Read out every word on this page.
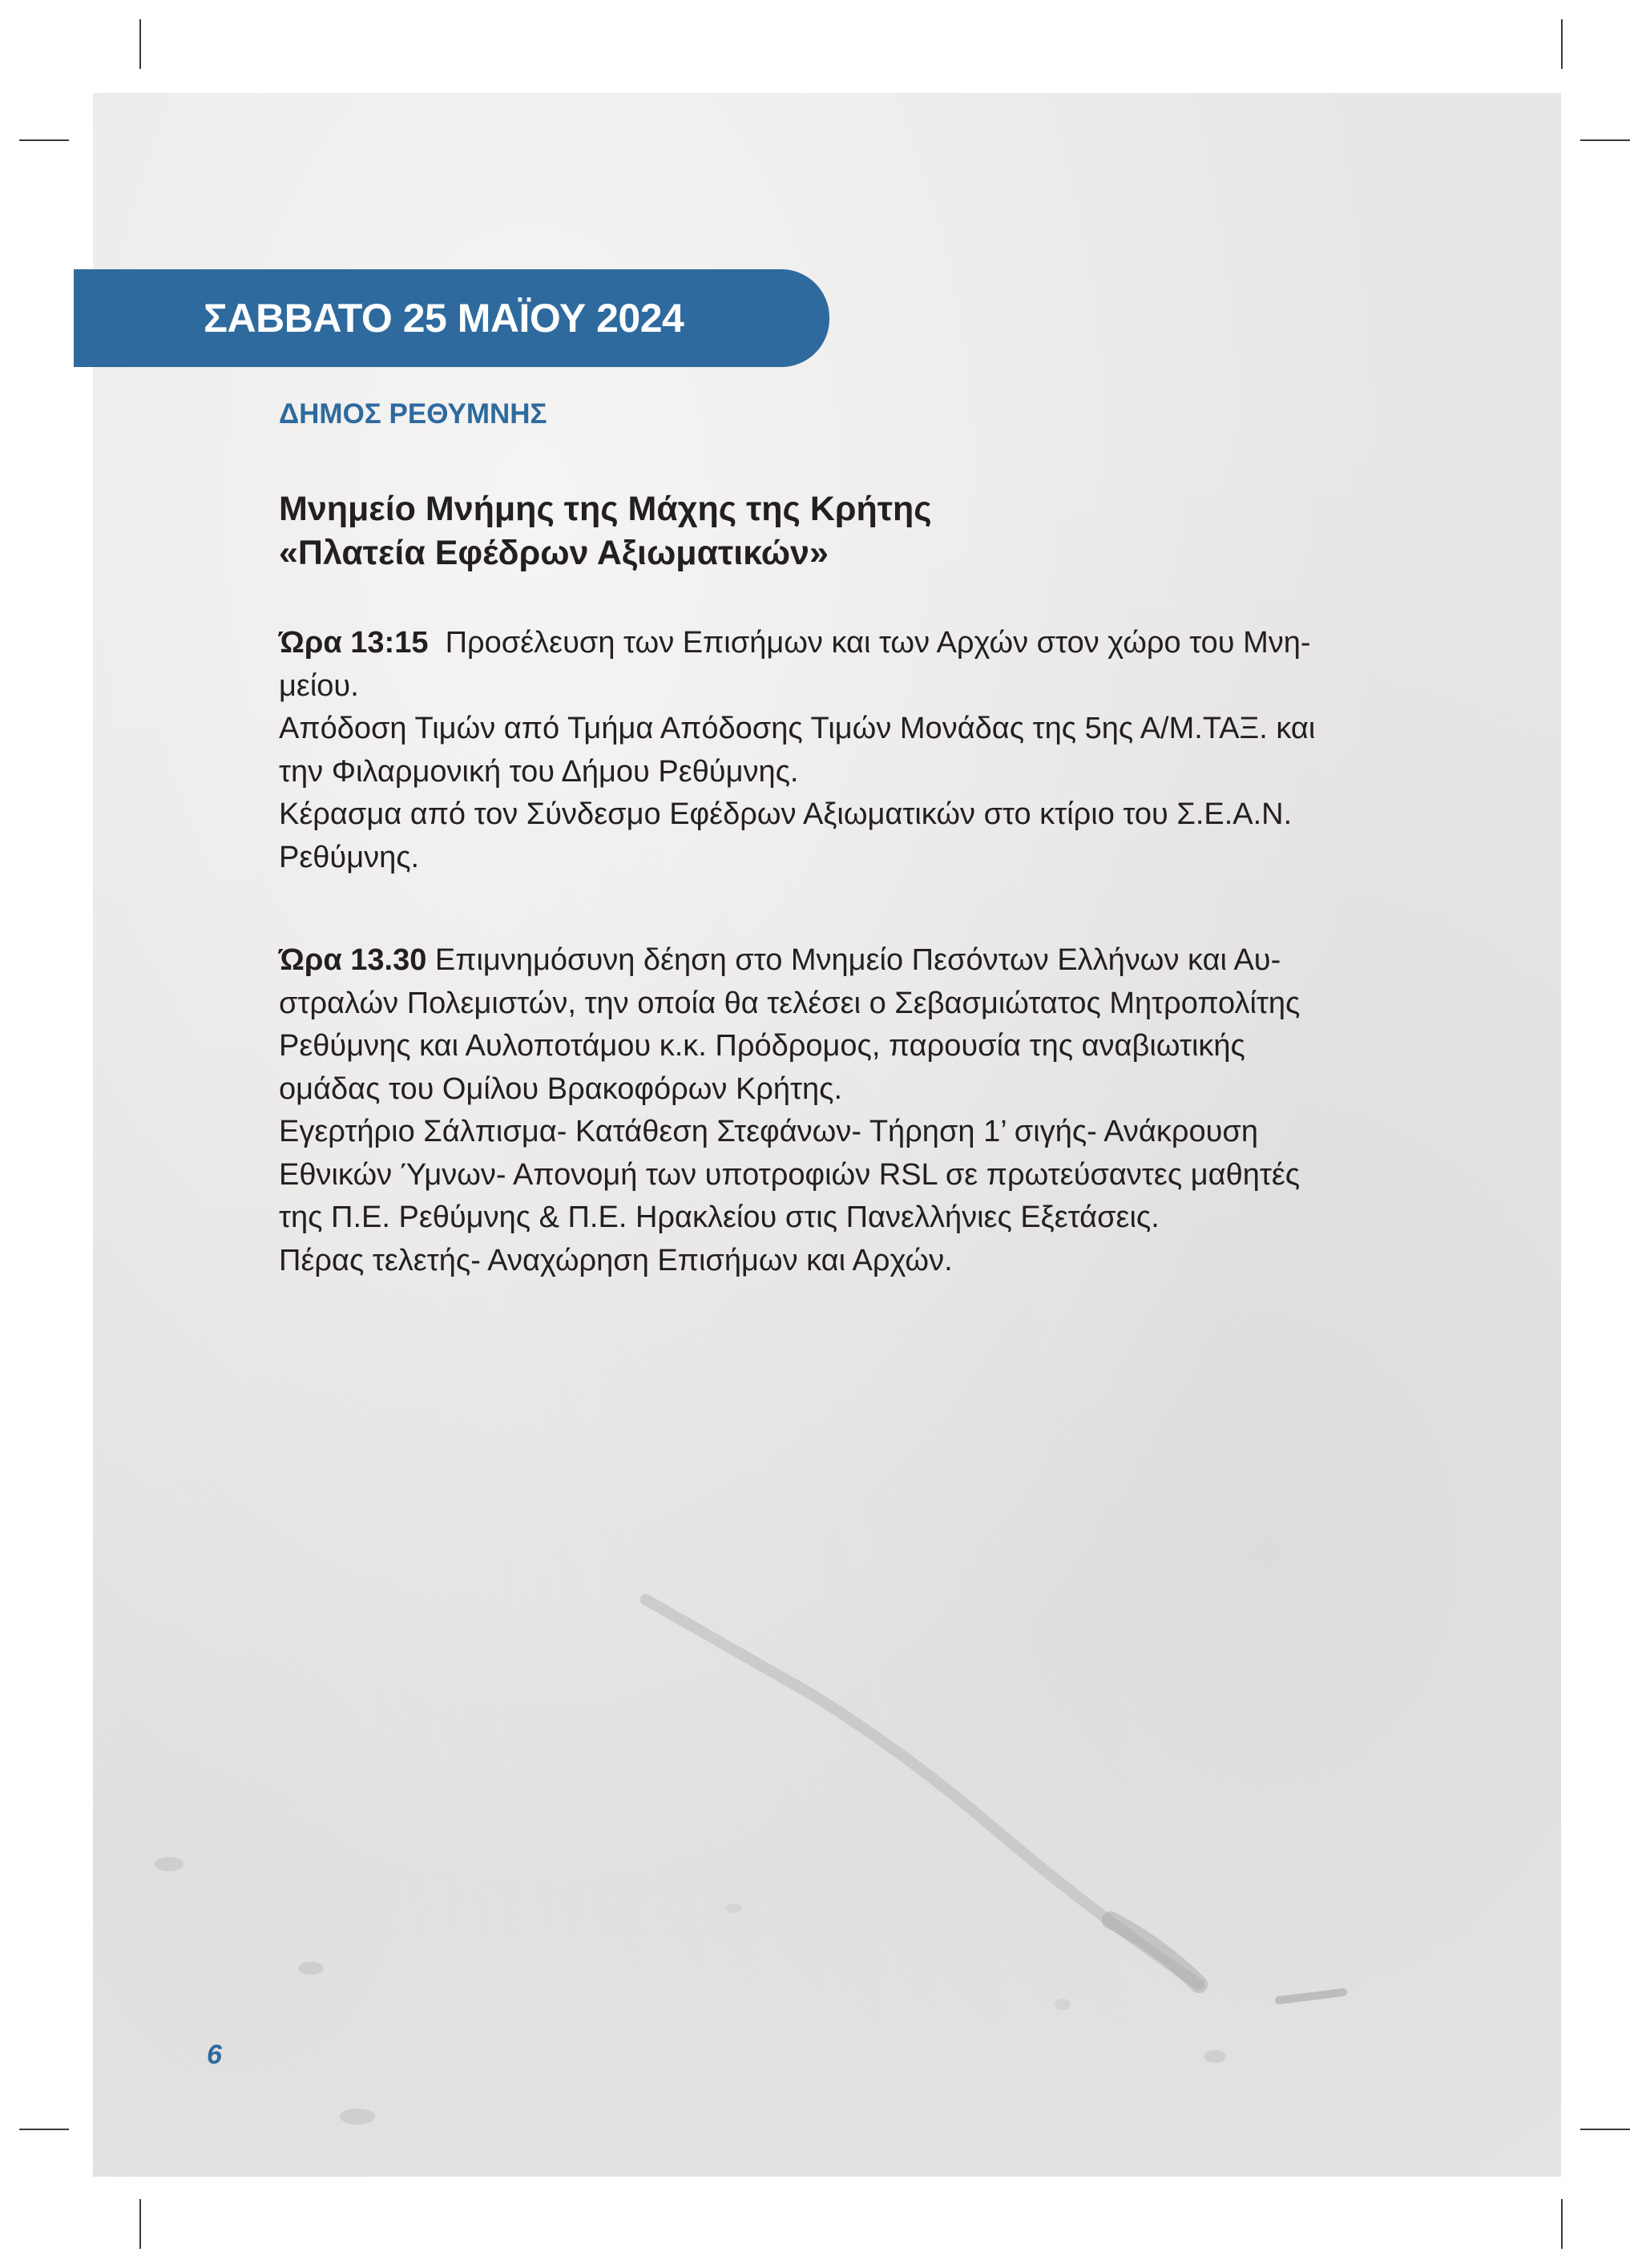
ΣΑΒΒΑΤΟ 25 ΜΑΪΟΥ 2024
ΔΗΜΟΣ ΡΕΘΥΜΝΗΣ
Μνημείο Μνήμης της Μάχης της Κρήτης
«Πλατεία Εφέδρων Αξιωματικών»
Ώρα 13:15 Προσέλευση των Επισήμων και των Αρχών στον χώρο του Μνη-
μείου.
Απόδοση Τιμών από Τμήμα Απόδοσης Τιμών Μονάδας της 5ης Α/Μ.ΤΑΞ. και
την Φιλαρμονική του Δήμου Ρεθύμνης.
Κέρασμα από τον Σύνδεσμο Εφέδρων Αξιωματικών στο κτίριο του Σ.Ε.Α.Ν.
Ρεθύμνης.
Ώρα 13.30 Επιμνημόσυνη δέηση στο Μνημείο Πεσόντων Ελλήνων και Αυ-
στραλών Πολεμιστών, την οποία θα τελέσει ο Σεβασμιώτατος Μητροπολίτης
Ρεθύμνης και Αυλοποτάμου κ.κ. Πρόδρομος, παρουσία της αναβιωτικής
ομάδας του Ομίλου Βρακοφόρων Κρήτης.
Εγερτήριο Σάλπισμα- Κατάθεση Στεφάνων- Τήρηση 1’ σιγής- Ανάκρουση
Εθνικών Ύμνων- Απονομή των υποτροφιών RSL σε πρωτεύσαντες μαθητές
της Π.Ε. Ρεθύμνης & Π.Ε. Ηρακλείου στις Πανελλήνιες Εξετάσεις.
Πέρας τελετής- Αναχώρηση Επισήμων και Αρχών.
6
